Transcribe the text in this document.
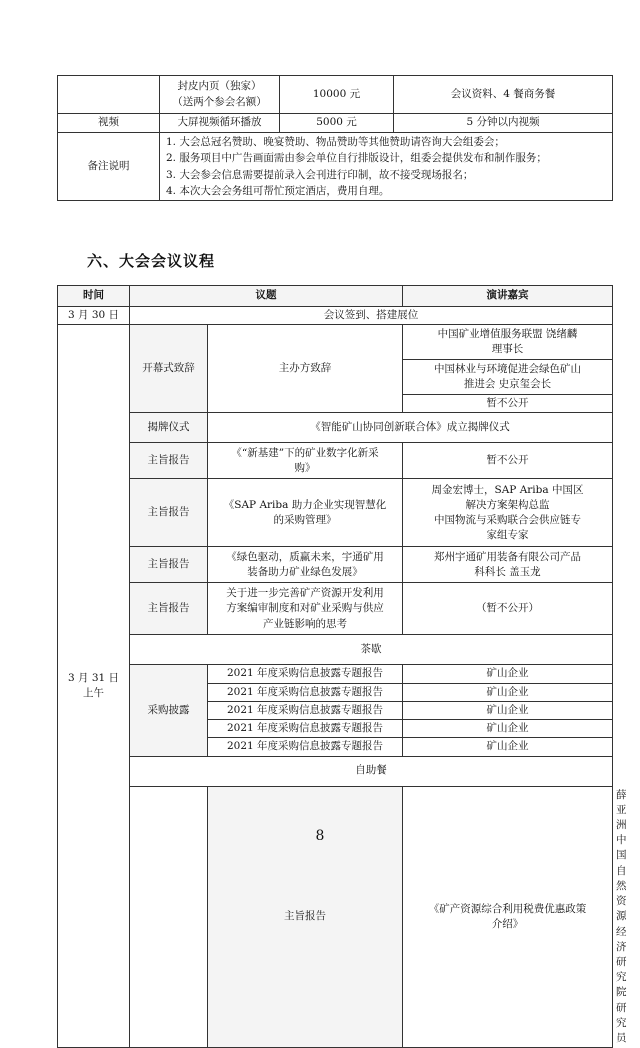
	封皮内页（独家）
（送两个参会名额）	10000 元	会议资料、4 餐商务餐
视频	大屏视频循环播放	5000 元	5 分钟以内视频
备注说明	1. 大会总冠名赞助、晚宴赞助、物品赞助等其他赞助请咨询大会组委会；
2. 服务项目中广告画面需由参会单位自行排版设计，组委会提供发布和制作服务；
3. 大会参会信息需要提前录入会刊进行印制，故不接受现场报名；
4. 本次大会会务组可帮忙预定酒店，费用自理。		
六、大会会议议程
时间	议题		演讲嘉宾	
3 月 30 日	会议签到、搭建展位			
3 月 31 日
上午	开幕式致辞	主办方致辞	中国矿业增值服务联盟 饶绪麟
理事长	
			中国林业与环境促进会绿色矿山
推进会 史京玺会长	
			暂不公开	
	揭牌仪式	《智能矿山协同创新联合体》成立揭牌仪式		
	主旨报告	《“新基建”下的矿业数字化新采
购》	暂不公开	
	主旨报告	《SAP Ariba 助力企业实现智慧化
的采购管理》	周金宏博士，SAP Ariba 中国区
解决方案架构总监
中国物流与采购联合会供应链专
家组专家	
	主旨报告	《绿色驱动，质赢未来，宇通矿用
装备助力矿业绿色发展》	郑州宇通矿用装备有限公司产品
科科长 盖玉龙	
	主旨报告	关于进一步完善矿产资源开发利用
方案编审制度和对矿业采购与供应
产业链影响的思考	（暂不公开）	
	茶歇			
	采购披露	2021 年度采购信息披露专题报告	矿山企业	
		2021 年度采购信息披露专题报告	矿山企业	
		2021 年度采购信息披露专题报告	矿山企业	
		2021 年度采购信息披露专题报告	矿山企业	
		2021 年度采购信息披露专题报告	矿山企业	
	自助餐			
		主旨报告	《矿产资源综合利用税费优惠政策
介绍》	薛亚洲　中国自然资源经济研究
院 研究员
8
